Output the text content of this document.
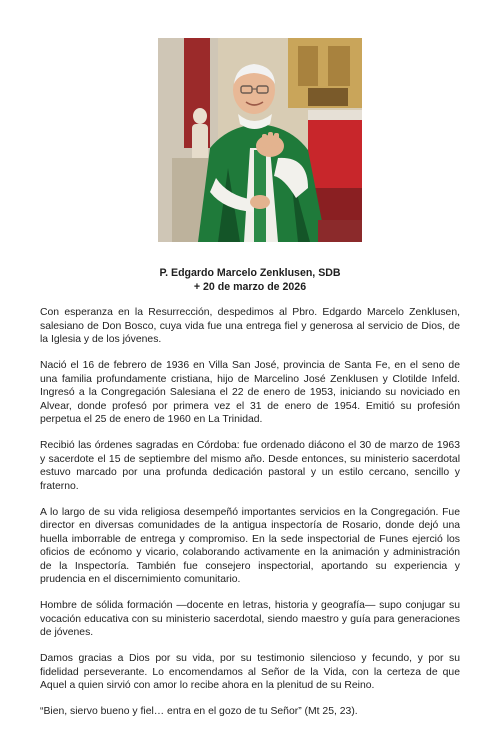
P. Edgardo Marcelo Zenklusen, SDB
+ 20 de marzo de 2026

Con esperanza en la Resurrección, despedimos al Pbro. Edgardo Marcelo Zenklusen, salesiano de Don Bosco, cuya vida fue una entrega fiel y generosa al servicio de Dios, de la Iglesia y de los jóvenes.

Nació el 16 de febrero de 1936 en Villa San José, provincia de Santa Fe, en el seno de una familia profundamente cristiana, hijo de Marcelino José Zenklusen y Clotilde Infeld. Ingresó a la Congregación Salesiana el 22 de enero de 1953, iniciando su noviciado en Alvear, donde profesó por primera vez el 31 de enero de 1954. Emitió su profesión perpetua el 25 de enero de 1960 en La Trinidad.

Recibió las órdenes sagradas en Córdoba: fue ordenado diácono el 30 de marzo de 1963 y sacerdote el 15 de septiembre del mismo año. Desde entonces, su ministerio sacerdotal estuvo marcado por una profunda dedicación pastoral y un estilo cercano, sencillo y fraterno.

A lo largo de su vida religiosa desempeñó importantes servicios en la Congregación. Fue director en diversas comunidades de la antigua inspectoría de Rosario, donde dejó una huella imborrable de entrega y compromiso. En la sede inspectorial de Funes ejerció los oficios de ecónomo y vicario, colaborando activamente en la animación y administración de la Inspectoría. También fue consejero inspectorial, aportando su experiencia y prudencia en el discernimiento comunitario.

Hombre de sólida formación —docente en letras, historia y geografía— supo conjugar su vocación educativa con su ministerio sacerdotal, siendo maestro y guía para generaciones de jóvenes.

Damos gracias a Dios por su vida, por su testimonio silencioso y fecundo, y por su fidelidad perseverante. Lo encomendamos al Señor de la Vida, con la certeza de que Aquel a quien sirvió con amor lo recibe ahora en la plenitud de su Reino.

“Bien, siervo bueno y fiel… entra en el gozo de tu Señor” (Mt 25, 23).
